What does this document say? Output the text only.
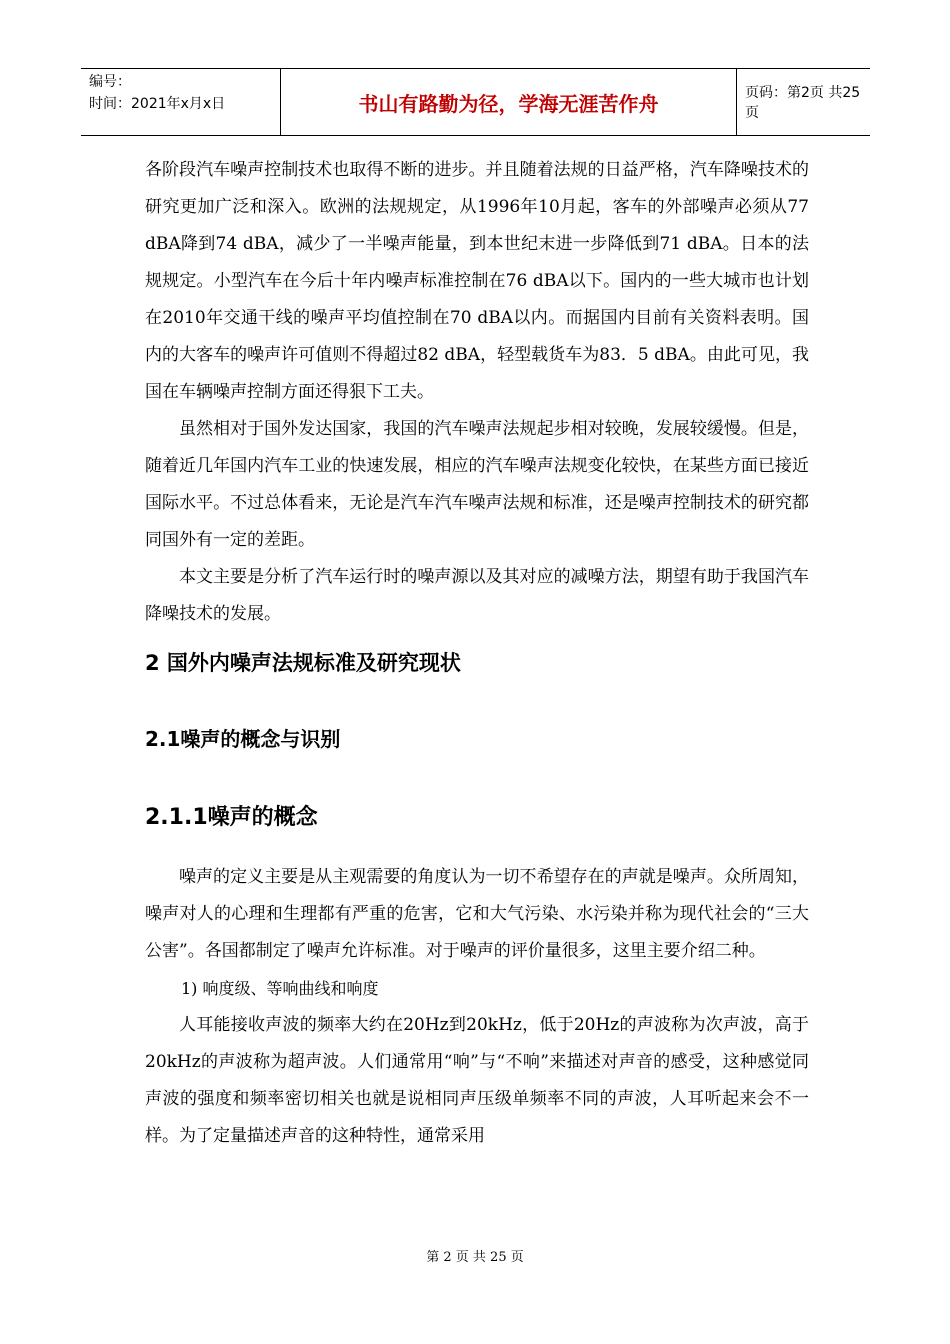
编号：
时间：2021年x月x日	书山有路勤为径，学海无涯苦作舟	页码：第2页 共25页

各阶段汽车噪声控制技术也取得不断的进步。并且随着法规的日益严格，汽车降噪技术的研究更加广泛和深入。欧洲的法规规定，从1996年10月起，客车的外部噪声必须从77 dBA降到74 dBA，减少了一半噪声能量，到本世纪末进一步降低到71 dBA。日本的法规规定。小型汽车在今后十年内噪声标准控制在76 dBA以下。国内的一些大城市也计划在2010年交通干线的噪声平均值控制在70 dBA以内。而据国内目前有关资料表明。国内的大客车的噪声许可值则不得超过82 dBA，轻型载货车为83．5 dBA。由此可见，我国在车辆噪声控制方面还得狠下工夫。

虽然相对于国外发达国家，我国的汽车噪声法规起步相对较晚，发展较缓慢。但是，随着近几年国内汽车工业的快速发展，相应的汽车噪声法规变化较快，在某些方面已接近国际水平。不过总体看来，无论是汽车汽车噪声法规和标准，还是噪声控制技术的研究都同国外有一定的差距。

本文主要是分析了汽车运行时的噪声源以及其对应的减噪方法，期望有助于我国汽车降噪技术的发展。

2 国外内噪声法规标准及研究现状
2.1噪声的概念与识别
2.1.1噪声的概念

噪声的定义主要是从主观需要的角度认为一切不希望存在的声就是噪声。众所周知，噪声对人的心理和生理都有严重的危害，它和大气污染、水污染并称为现代社会的“三大公害”。各国都制定了噪声允许标准。对于噪声的评价量很多，这里主要介绍二种。

1) 响度级、等响曲线和响度

人耳能接收声波的频率大约在20Hz到20kHz，低于20Hz的声波称为次声波，高于20kHz的声波称为超声波。人们通常用“响”与“不响”来描述对声音的感受，这种感觉同声波的强度和频率密切相关也就是说相同声压级单频率不同的声波，人耳听起来会不一样。为了定量描述声音的这种特性，通常采用

第 2 页 共 25 页
